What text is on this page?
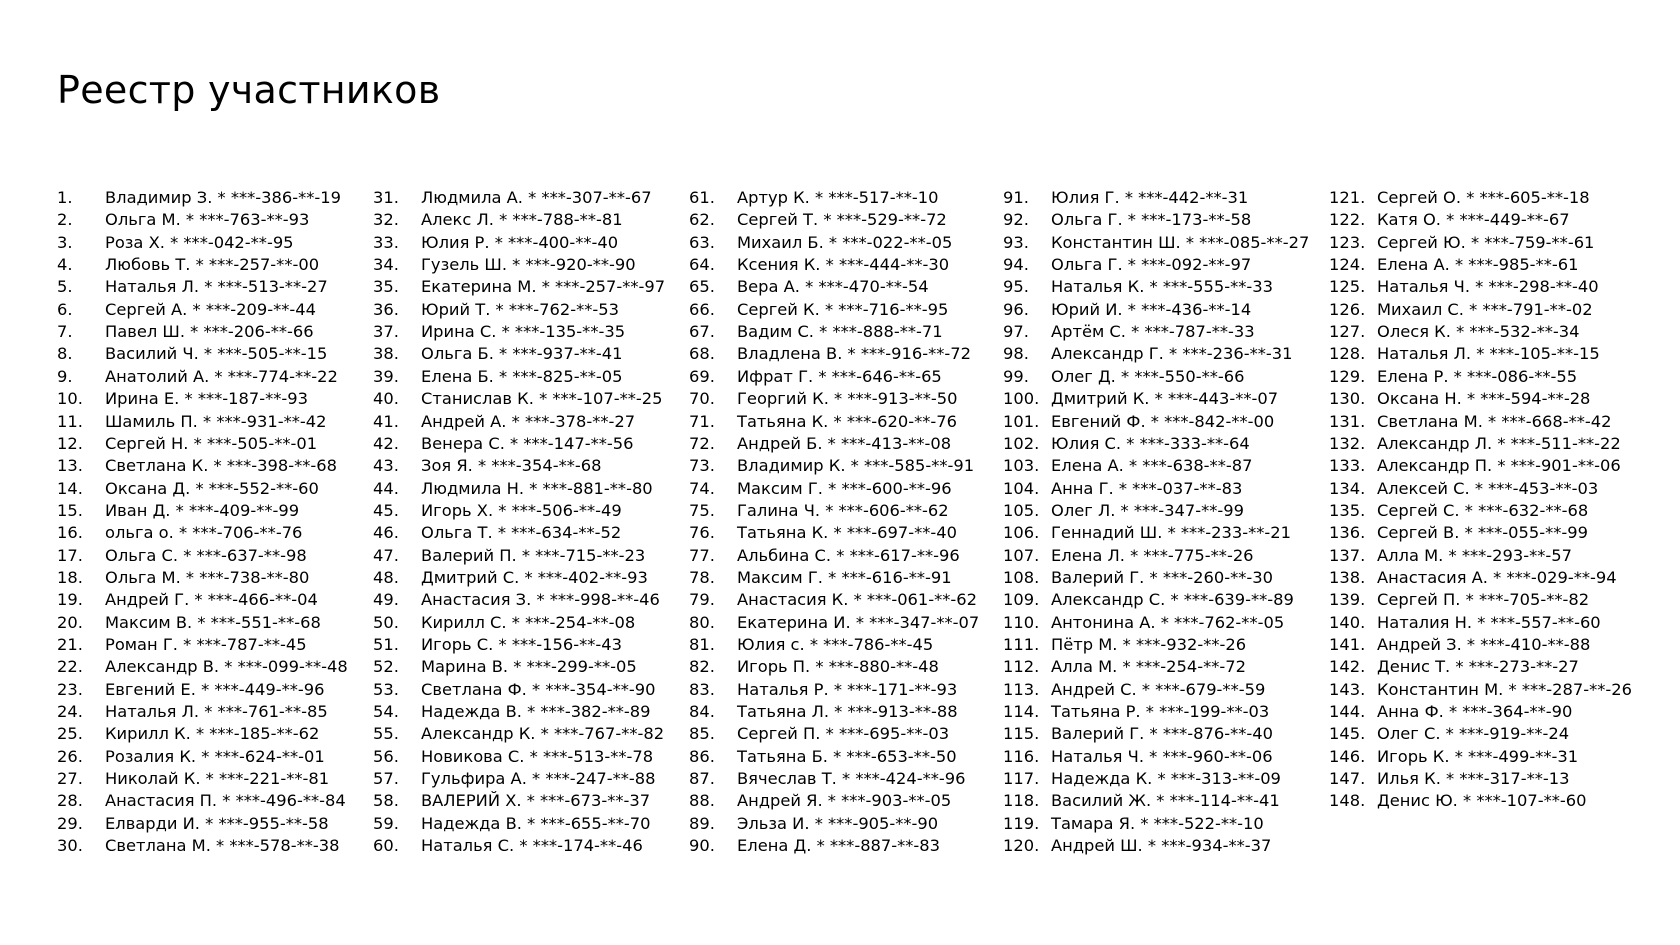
Реестр участников
1. Владимир З. * ***-386-**-19
2. Ольга М. * ***-763-**-93
3. Роза Х. * ***-042-**-95
4. Любовь Т. * ***-257-**-00
5. Наталья Л. * ***-513-**-27
6. Сергей А. * ***-209-**-44
7. Павел Ш. * ***-206-**-66
8. Василий Ч. * ***-505-**-15
9. Анатолий А. * ***-774-**-22
10. Ирина Е. * ***-187-**-93
11. Шамиль П. * ***-931-**-42
12. Сергей Н. * ***-505-**-01
13. Светлана К. * ***-398-**-68
14. Оксана Д. * ***-552-**-60
15. Иван Д. * ***-409-**-99
16. ольга о. * ***-706-**-76
17. Ольга С. * ***-637-**-98
18. Ольга М. * ***-738-**-80
19. Андрей Г. * ***-466-**-04
20. Максим В. * ***-551-**-68
21. Роман Г. * ***-787-**-45
22. Александр В. * ***-099-**-48
23. Евгений Е. * ***-449-**-96
24. Наталья Л. * ***-761-**-85
25. Кирилл К. * ***-185-**-62
26. Розалия К. * ***-624-**-01
27. Николай К. * ***-221-**-81
28. Анастасия П. * ***-496-**-84
29. Елварди И. * ***-955-**-58
30. Светлана М. * ***-578-**-38
31. Людмила А. * ***-307-**-67
32. Алекс Л. * ***-788-**-81
33. Юлия Р. * ***-400-**-40
34. Гузель Ш. * ***-920-**-90
35. Екатерина М. * ***-257-**-97
36. Юрий Т. * ***-762-**-53
37. Ирина С. * ***-135-**-35
38. Ольга Б. * ***-937-**-41
39. Елена Б. * ***-825-**-05
40. Станислав К. * ***-107-**-25
41. Андрей А. * ***-378-**-27
42. Венера С. * ***-147-**-56
43. Зоя Я. * ***-354-**-68
44. Людмила Н. * ***-881-**-80
45. Игорь Х. * ***-506-**-49
46. Ольга Т. * ***-634-**-52
47. Валерий П. * ***-715-**-23
48. Дмитрий С. * ***-402-**-93
49. Анастасия З. * ***-998-**-46
50. Кирилл С. * ***-254-**-08
51. Игорь С. * ***-156-**-43
52. Марина В. * ***-299-**-05
53. Светлана Ф. * ***-354-**-90
54. Надежда В. * ***-382-**-89
55. Александр К. * ***-767-**-82
56. Новикова С. * ***-513-**-78
57. Гульфира А. * ***-247-**-88
58. ВАЛЕРИЙ Х. * ***-673-**-37
59. Надежда В. * ***-655-**-70
60. Наталья С. * ***-174-**-46
61. Артур К. * ***-517-**-10
62. Сергей Т. * ***-529-**-72
63. Михаил Б. * ***-022-**-05
64. Ксения К. * ***-444-**-30
65. Вера А. * ***-470-**-54
66. Сергей К. * ***-716-**-95
67. Вадим С. * ***-888-**-71
68. Владлена В. * ***-916-**-72
69. Ифрат Г. * ***-646-**-65
70. Георгий К. * ***-913-**-50
71. Татьяна К. * ***-620-**-76
72. Андрей Б. * ***-413-**-08
73. Владимир К. * ***-585-**-91
74. Максим Г. * ***-600-**-96
75. Галина Ч. * ***-606-**-62
76. Татьяна К. * ***-697-**-40
77. Альбина С. * ***-617-**-96
78. Максим Г. * ***-616-**-91
79. Анастасия К. * ***-061-**-62
80. Екатерина И. * ***-347-**-07
81. Юлия с. * ***-786-**-45
82. Игорь П. * ***-880-**-48
83. Наталья Р. * ***-171-**-93
84. Татьяна Л. * ***-913-**-88
85. Сергей П. * ***-695-**-03
86. Татьяна Б. * ***-653-**-50
87. Вячеслав Т. * ***-424-**-96
88. Андрей Я. * ***-903-**-05
89. Эльза И. * ***-905-**-90
90. Елена Д. * ***-887-**-83
91. Юлия Г. * ***-442-**-31
92. Ольга Г. * ***-173-**-58
93. Константин Ш. * ***-085-**-27
94. Ольга Г. * ***-092-**-97
95. Наталья К. * ***-555-**-33
96. Юрий И. * ***-436-**-14
97. Артём С. * ***-787-**-33
98. Александр Г. * ***-236-**-31
99. Олег Д. * ***-550-**-66
100. Дмитрий К. * ***-443-**-07
101. Евгений Ф. * ***-842-**-00
102. Юлия С. * ***-333-**-64
103. Елена А. * ***-638-**-87
104. Анна Г. * ***-037-**-83
105. Олег Л. * ***-347-**-99
106. Геннадий Ш. * ***-233-**-21
107. Елена Л. * ***-775-**-26
108. Валерий Г. * ***-260-**-30
109. Александр С. * ***-639-**-89
110. Антонина А. * ***-762-**-05
111. Пётр М. * ***-932-**-26
112. Алла М. * ***-254-**-72
113. Андрей С. * ***-679-**-59
114. Татьяна Р. * ***-199-**-03
115. Валерий Г. * ***-876-**-40
116. Наталья Ч. * ***-960-**-06
117. Надежда К. * ***-313-**-09
118. Василий Ж. * ***-114-**-41
119. Тамара Я. * ***-522-**-10
120. Андрей Ш. * ***-934-**-37
121. Сергей О. * ***-605-**-18
122. Катя О. * ***-449-**-67
123. Сергей Ю. * ***-759-**-61
124. Елена А. * ***-985-**-61
125. Наталья Ч. * ***-298-**-40
126. Михаил С. * ***-791-**-02
127. Олеся К. * ***-532-**-34
128. Наталья Л. * ***-105-**-15
129. Елена Р. * ***-086-**-55
130. Оксана Н. * ***-594-**-28
131. Светлана М. * ***-668-**-42
132. Александр Л. * ***-511-**-22
133. Александр П. * ***-901-**-06
134. Алексей С. * ***-453-**-03
135. Сергей С. * ***-632-**-68
136. Сергей В. * ***-055-**-99
137. Алла М. * ***-293-**-57
138. Анастасия А. * ***-029-**-94
139. Сергей П. * ***-705-**-82
140. Наталия Н. * ***-557-**-60
141. Андрей З. * ***-410-**-88
142. Денис Т. * ***-273-**-27
143. Константин М. * ***-287-**-26
144. Анна Ф. * ***-364-**-90
145. Олег С. * ***-919-**-24
146. Игорь К. * ***-499-**-31
147. Илья К. * ***-317-**-13
148. Денис Ю. * ***-107-**-60
